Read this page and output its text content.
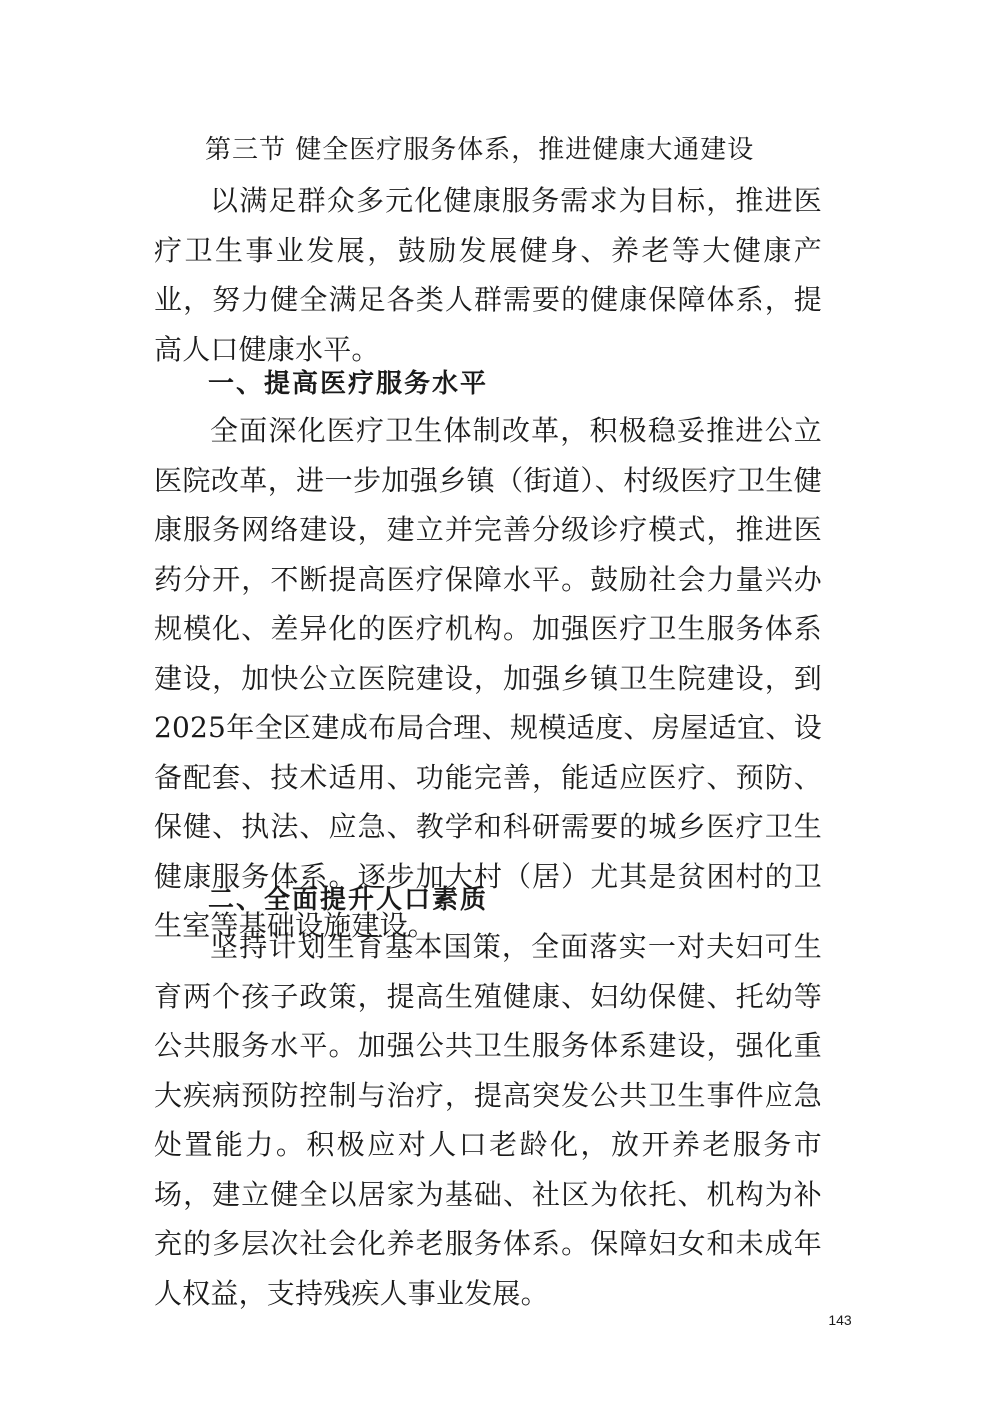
第三节 健全医疗服务体系，推进健康大通建设

以满足群众多元化健康服务需求为目标，推进医疗卫生事业发展，鼓励发展健身、养老等大健康产业，努力健全满足各类人群需要的健康保障体系，提高人口健康水平。

一、提高医疗服务水平

全面深化医疗卫生体制改革，积极稳妥推进公立医院改革，进一步加强乡镇（街道）、村级医疗卫生健康服务网络建设，建立并完善分级诊疗模式，推进医药分开，不断提高医疗保障水平。鼓励社会力量兴办规模化、差异化的医疗机构。加强医疗卫生服务体系建设，加快公立医院建设，加强乡镇卫生院建设，到2025年全区建成布局合理、规模适度、房屋适宜、设备配套、技术适用、功能完善，能适应医疗、预防、保健、执法、应急、教学和科研需要的城乡医疗卫生健康服务体系。逐步加大村（居）尤其是贫困村的卫生室等基础设施建设。

二、全面提升人口素质

坚持计划生育基本国策，全面落实一对夫妇可生育两个孩子政策，提高生殖健康、妇幼保健、托幼等公共服务水平。加强公共卫生服务体系建设，强化重大疾病预防控制与治疗，提高突发公共卫生事件应急处置能力。积极应对人口老龄化，放开养老服务市场，建立健全以居家为基础、社区为依托、机构为补充的多层次社会化养老服务体系。保障妇女和未成年人权益，支持残疾人事业发展。

143
